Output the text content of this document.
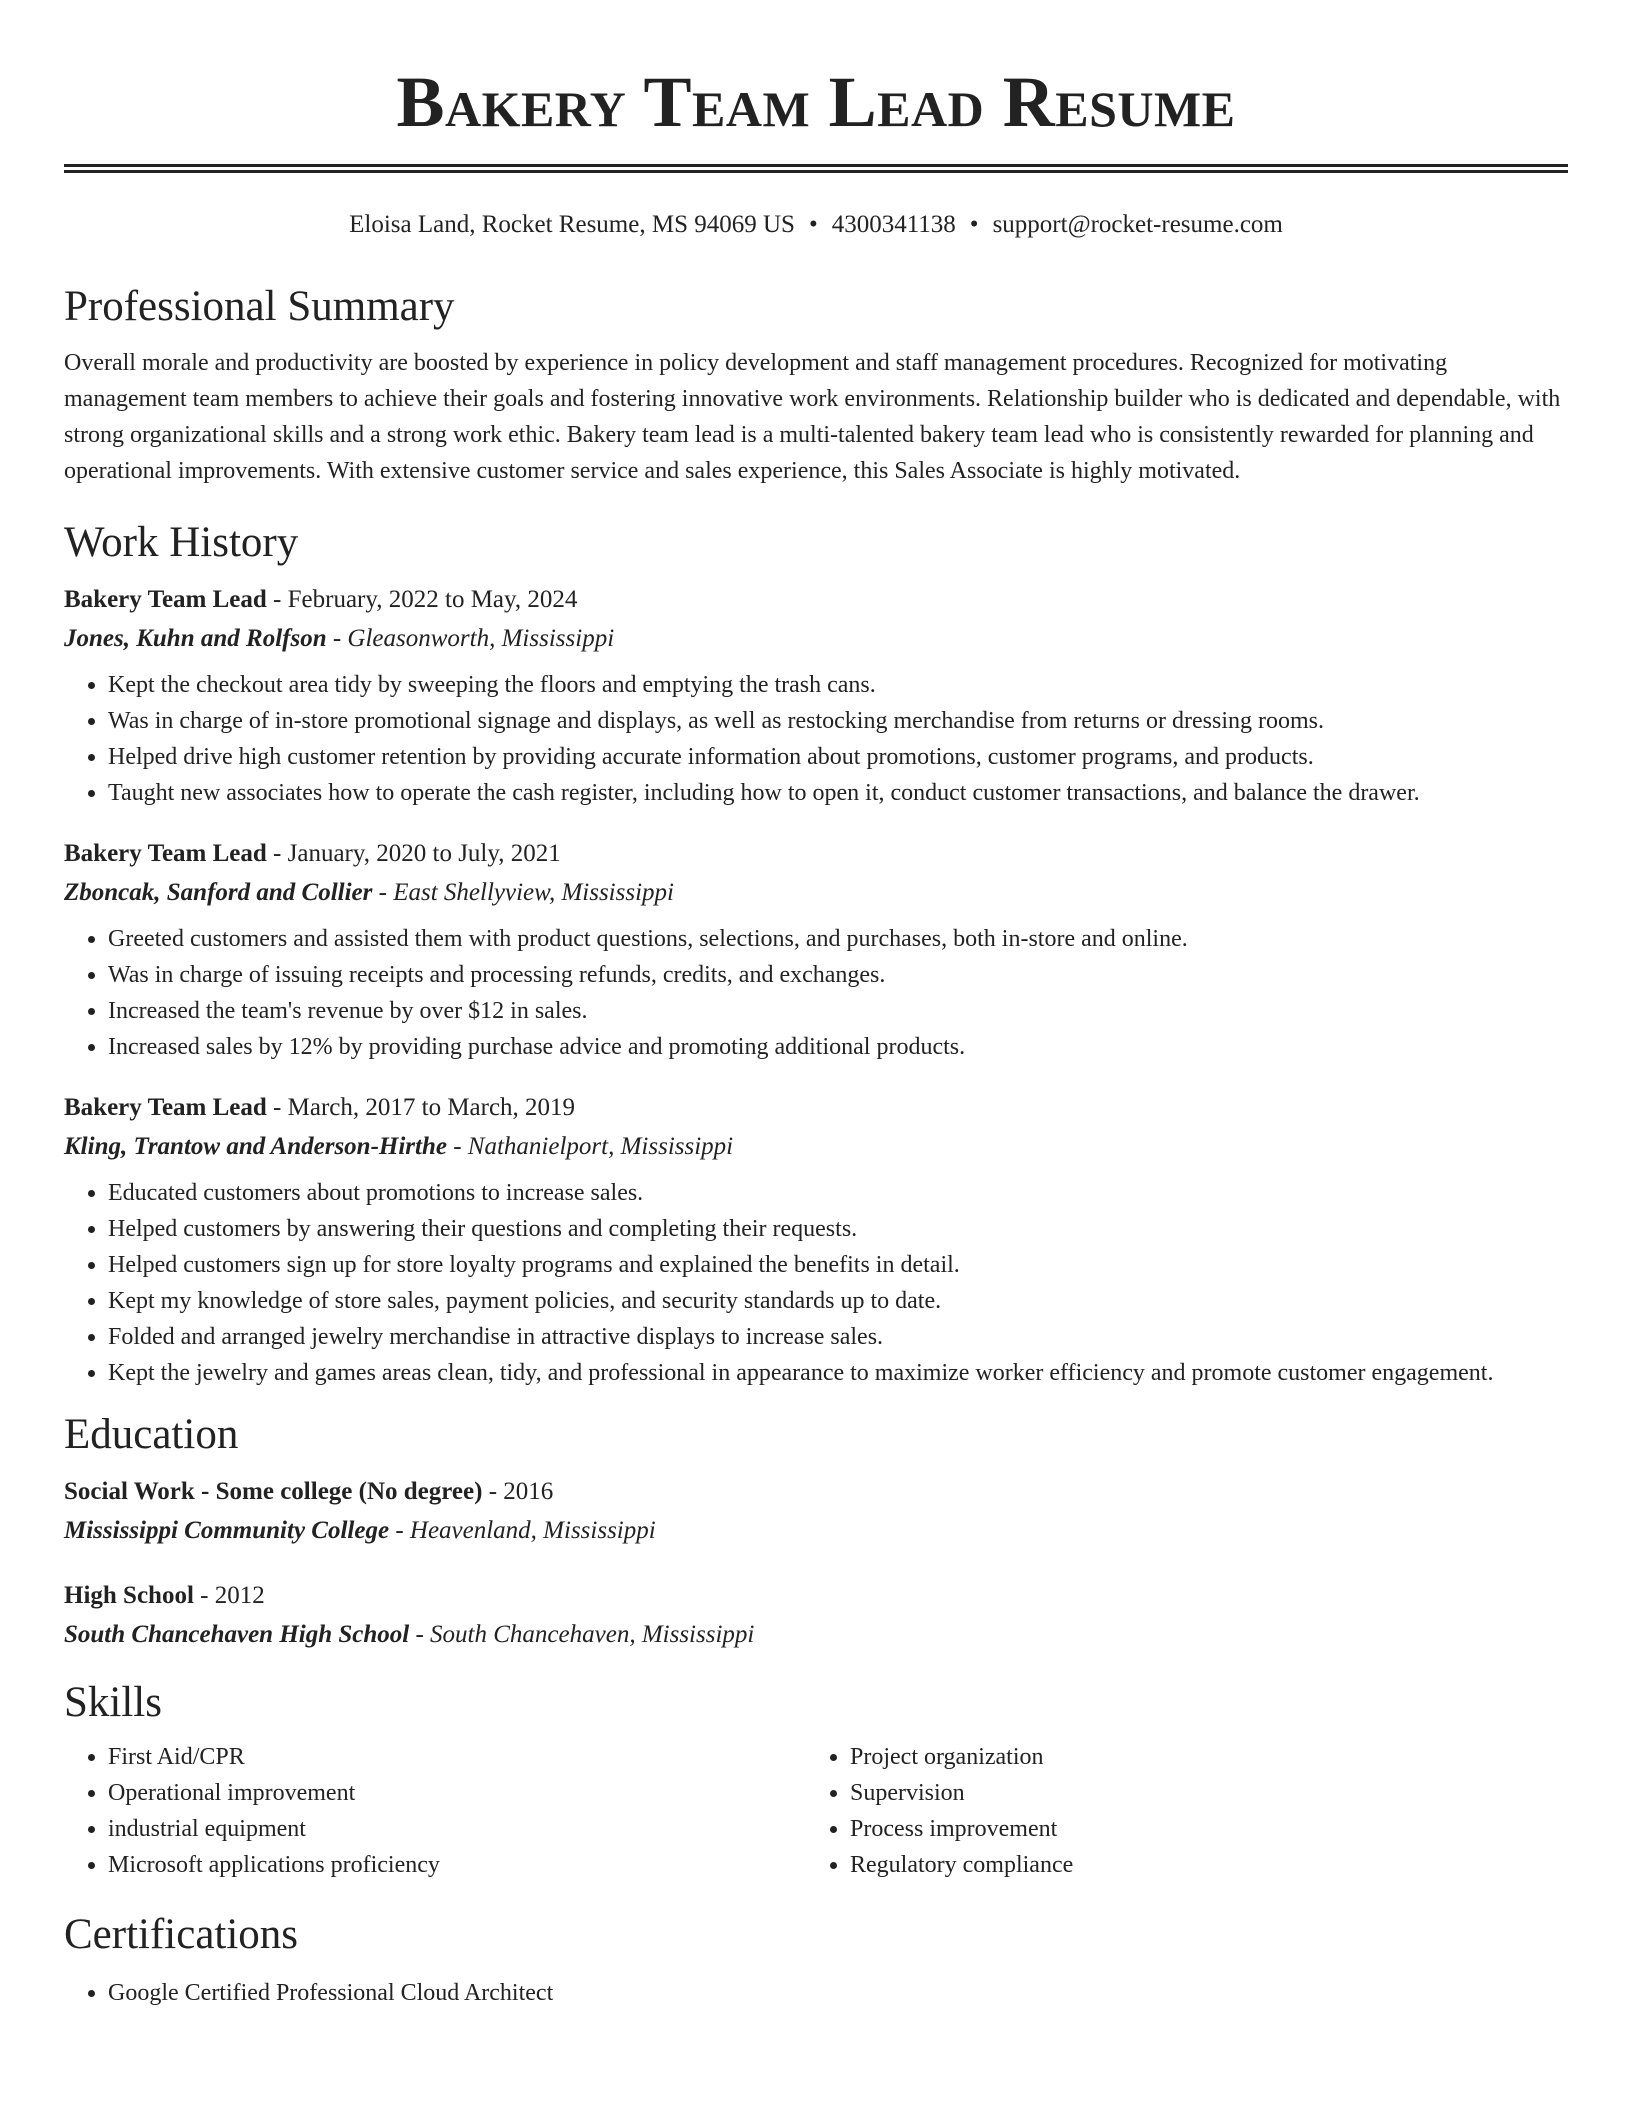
Bakery Team Lead Resume
Eloisa Land, Rocket Resume, MS 94069 US • 4300341138 • support@rocket-resume.com
Professional Summary

Overall morale and productivity are boosted by experience in policy development and staff management procedures. Recognized for motivating management team members to achieve their goals and fostering innovative work environments. Relationship builder who is dedicated and dependable, with strong organizational skills and a strong work ethic. Bakery team lead is a multi-talented bakery team lead who is consistently rewarded for planning and operational improvements. With extensive customer service and sales experience, this Sales Associate is highly motivated.

Work History
Bakery Team Lead - February, 2022 to May, 2024
Jones, Kuhn and Rolfson - Gleasonworth, Mississippi
• Kept the checkout area tidy by sweeping the floors and emptying the trash cans.
• Was in charge of in-store promotional signage and displays, as well as restocking merchandise from returns or dressing rooms.
• Helped drive high customer retention by providing accurate information about promotions, customer programs, and products.
• Taught new associates how to operate the cash register, including how to open it, conduct customer transactions, and balance the drawer.
Bakery Team Lead - January, 2020 to July, 2021
Zboncak, Sanford and Collier - East Shellyview, Mississippi
• Greeted customers and assisted them with product questions, selections, and purchases, both in-store and online.
• Was in charge of issuing receipts and processing refunds, credits, and exchanges.
• Increased the team's revenue by over $12 in sales.
• Increased sales by 12% by providing purchase advice and promoting additional products.
Bakery Team Lead - March, 2017 to March, 2019
Kling, Trantow and Anderson-Hirthe - Nathanielport, Mississippi
• Educated customers about promotions to increase sales.
• Helped customers by answering their questions and completing their requests.
• Helped customers sign up for store loyalty programs and explained the benefits in detail.
• Kept my knowledge of store sales, payment policies, and security standards up to date.
• Folded and arranged jewelry merchandise in attractive displays to increase sales.
• Kept the jewelry and games areas clean, tidy, and professional in appearance to maximize worker efficiency and promote customer engagement.
Education
Social Work - Some college (No degree) - 2016
Mississippi Community College - Heavenland, Mississippi
High School - 2012
South Chancehaven High School - South Chancehaven, Mississippi
Skills
• First Aid/CPR
• Operational improvement
• industrial equipment
• Microsoft applications proficiency
• Project organization
• Supervision
• Process improvement
• Regulatory compliance
Certifications
• Google Certified Professional Cloud Architect
